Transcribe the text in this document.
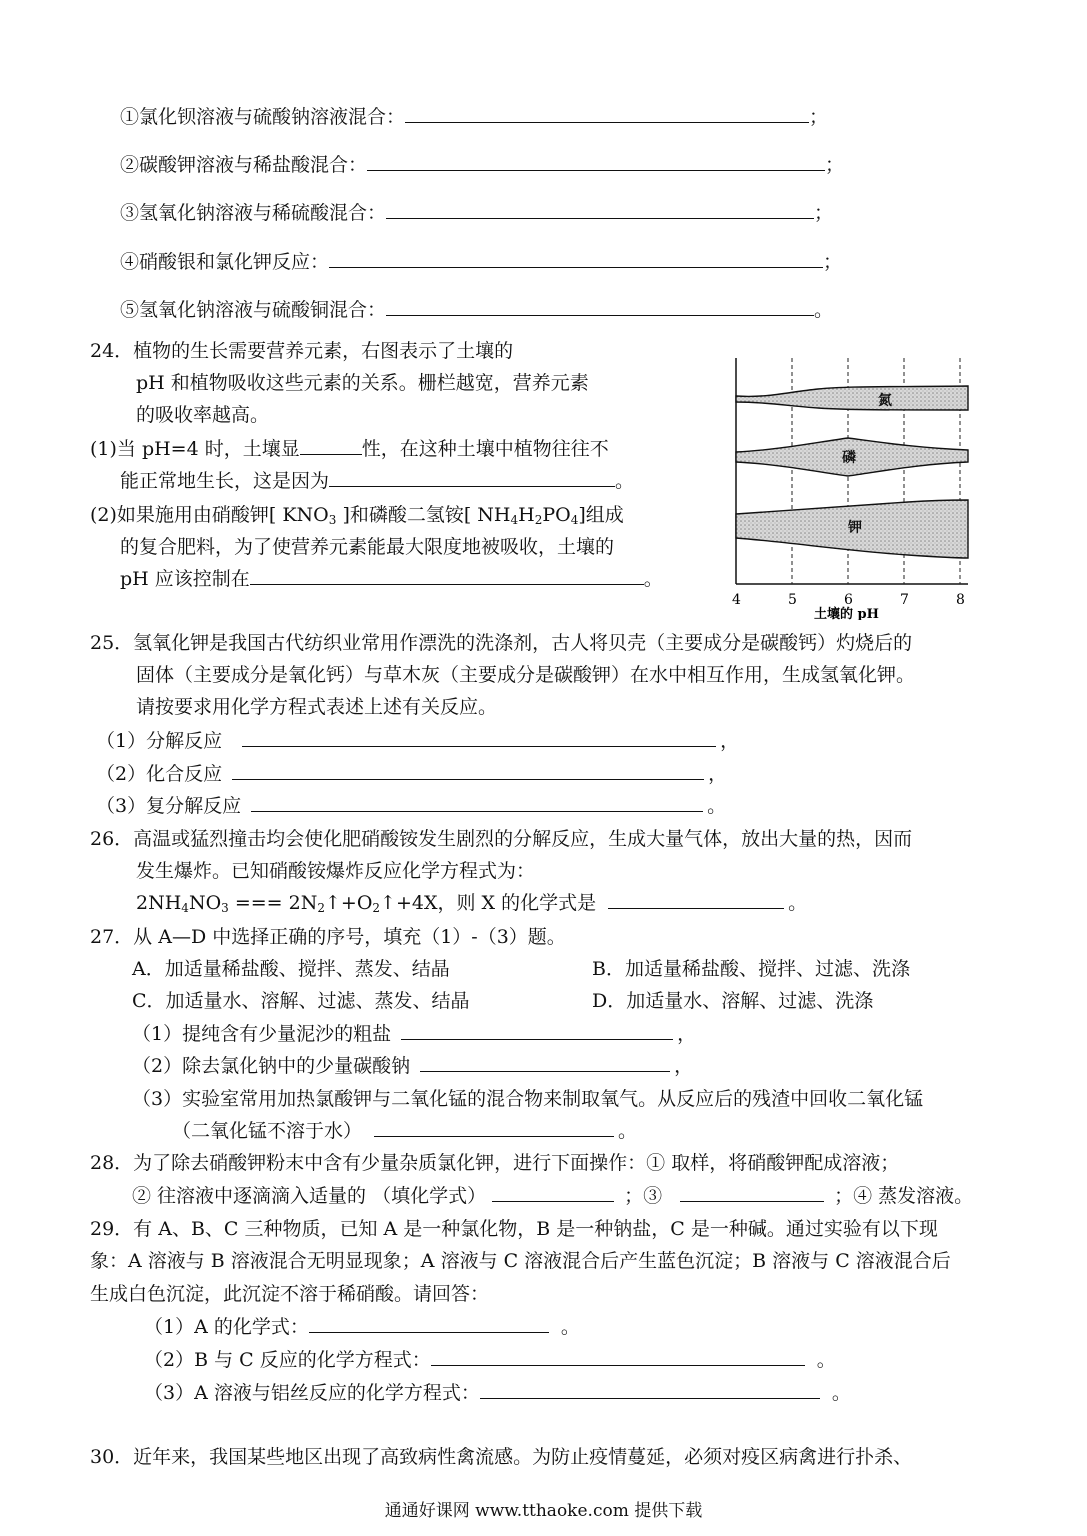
①氯化钡溶液与硫酸钠溶液混合：	；
②碳酸钾溶液与稀盐酸混合：	；
③氢氧化钠溶液与稀硫酸混合：	；
④硝酸银和氯化钾反应：	；
⑤氢氧化钠溶液与硫酸铜混合：	。
24．植物的生长需要营养元素，右图表示了土壤的
pH 和植物吸收这些元素的关系。栅栏越宽，营养元素
的吸收率越高。
(1)当 pH=4 时，土壤显	性，在这种土壤中植物往往不
能正常地生长，这是因为	。
(2)如果施用由硝酸钾[ $KNO_3$ ]和磷酸二氢铵[ $NH_4H_2PO_4$]组成
的复合肥料，为了使营养元素能最大限度地被吸收，土壤的
pH 应该控制在	。
氮
磷
钾
4	5	6	7	8
土壤的 pH
25．氢氧化钾是我国古代纺织业常用作漂洗的洗涤剂，古人将贝壳（主要成分是碳酸钙）灼烧后的
固体（主要成分是氧化钙）与草木灰（主要成分是碳酸钾）在水中相互作用，生成氢氧化钾。
请按要求用化学方程式表述上述有关反应。
（1）分解反应	，
（2）化合反应	，
（3）复分解反应	。
26．高温或猛烈撞击均会使化肥硝酸铵发生剧烈的分解反应，生成大量气体，放出大量的热，因而
发生爆炸。已知硝酸铵爆炸反应化学方程式为：
$2NH_4NO_3$ === $2N_2↑+O_2↑+4X$，则 X 的化学式是	。
27．从 A—D 中选择正确的序号，填充（1）-（3）题。
A．加适量稀盐酸、搅拌、蒸发、结晶	B．加适量稀盐酸、搅拌、过滤、洗涤
C．加适量水、溶解、过滤、蒸发、结晶	D．加适量水、溶解、过滤、洗涤
（1）提纯含有少量泥沙的粗盐	，
（2）除去氯化钠中的少量碳酸钠	，
（3）实验室常用加热氯酸钾与二氧化锰的混合物来制取氧气。从反应后的残渣中回收二氧化锰
（二氧化锰不溶于水）	。
28．为了除去硝酸钾粉末中含有少量杂质氯化钾，进行下面操作：① 取样，将硝酸钾配成溶液；
② 往溶液中逐滴滴入适量的 （填化学式）	；③	；④ 蒸发溶液。
29．有 A、B、C 三种物质，已知 A 是一种氯化物，B 是一种钠盐，C 是一种碱。通过实验有以下现
象：A 溶液与 B 溶液混合无明显现象；A 溶液与 C 溶液混合后产生蓝色沉淀；B 溶液与 C 溶液混合后
生成白色沉淀，此沉淀不溶于稀硝酸。请回答：
（1）A 的化学式：	。
（2）B 与 C 反应的化学方程式：	。
（3）A 溶液与铝丝反应的化学方程式：	。
30．近年来，我国某些地区出现了高致病性禽流感。为防止疫情蔓延，必须对疫区病禽进行扑杀、
通通好课网 www.tthaoke.com 提供下载
